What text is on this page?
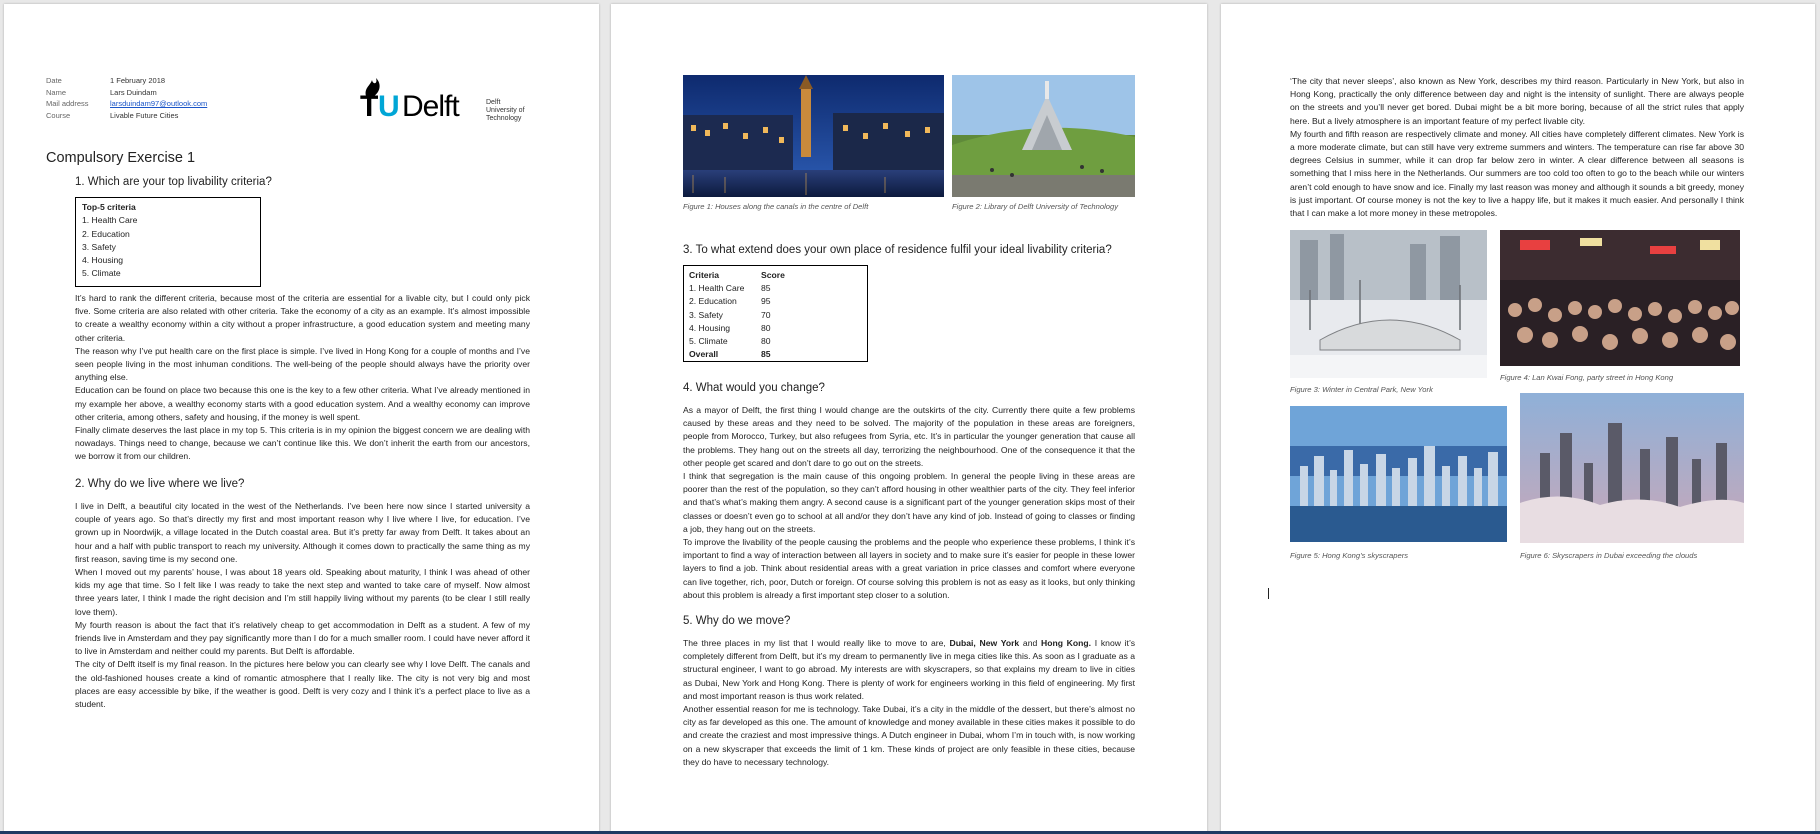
Date	1 February 2018
Name	Lars Duindam
Mail address	larsduindam97@outlook.com
Course	Livable Future Cities	T U Delft	Delft
University of
Technology
Compulsory Exercise 1
1. Which are your top livability criteria?
Top-5 criteria
1. Health Care
2. Education
3. Safety
4. Housing
5. Climate

It’s hard to rank the different criteria, because most of the criteria are essential for a livable city, but I could only pick five. Some criteria are also related with other criteria. Take the economy of a city as an example. It’s almost impossible to create a wealthy economy within a city without a proper infrastructure, a good education system and meeting many other criteria.

The reason why I’ve put health care on the first place is simple. I’ve lived in Hong Kong for a couple of months and I’ve seen people living in the most inhuman conditions. The well-being of the people should always have the priority over anything else.

Education can be found on place two because this one is the key to a few other criteria. What I’ve already mentioned in my example her above, a wealthy economy starts with a good education system. And a wealthy economy can improve other criteria, among others, safety and housing, if the money is well spent.

Finally climate deserves the last place in my top 5. This criteria is in my opinion the biggest concern we are dealing with nowadays. Things need to change, because we can’t continue like this. We don’t inherit the earth from our ancestors, we borrow it from our children.

2. Why do we live where we live?

I live in Delft, a beautiful city located in the west of the Netherlands. I’ve been here now since I started university a couple of years ago. So that’s directly my first and most important reason why I live where I live, for education. I’ve grown up in Noordwijk, a village located in the Dutch coastal area. But it’s pretty far away from Delft. It takes about an hour and a half with public transport to reach my university. Although it comes down to practically the same thing as my first reason, saving time is my second one.

When I moved out my parents’ house, I was about 18 years old. Speaking about maturity, I think I was ahead of other kids my age that time. So I felt like I was ready to take the next step and wanted to take care of myself. Now almost three years later, I think I made the right decision and I’m still happily living without my parents (to be clear I still really love them).

My fourth reason is about the fact that it’s relatively cheap to get accommodation in Delft as a student. A few of my friends live in Amsterdam and they pay significantly more than I do for a much smaller room. I could have never afford it to live in Amsterdam and neither could my parents. But Delft is affordable.

The city of Delft itself is my final reason. In the pictures here below you can clearly see why I love Delft. The canals and the old-fashioned houses create a kind of romantic atmosphere that I really like. The city is not very big and most places are easy accessible by bike, if the weather is good. Delft is very cozy and I think it’s a perfect place to live as a student.

Figure 1: Houses along the canals in the centre of Delft	Figure 2: Library of Delft University of Technology
3. To what extend does your own place of residence fulfil your ideal livability criteria?
Criteria	Score
1. Health Care	85
2. Education	95
3. Safety	70
4. Housing	80
5. Climate	80
Overall	85
4. What would you change?

As a mayor of Delft, the first thing I would change are the outskirts of the city. Currently there quite a few problems caused by these areas and they need to be solved. The majority of the population in these areas are foreigners, people from Morocco, Turkey, but also refugees from Syria, etc. It’s in particular the younger generation that cause all the problems. They hang out on the streets all day, terrorizing the neighbourhood. One of the consequence it that the other people get scared and don’t dare to go out on the streets.

I think that segregation is the main cause of this ongoing problem. In general the people living in these areas are poorer than the rest of the population, so they can’t afford housing in other wealthier parts of the city. They feel inferior and that’s what’s making them angry. A second cause is a significant part of the younger generation skips most of their classes or doesn’t even go to school at all and/or they don’t have any kind of job. Instead of going to classes or finding a job, they hang out on the streets.

To improve the livability of the people causing the problems and the people who experience these problems, I think it’s important to find a way of interaction between all layers in society and to make sure it’s easier for people in these lower layers to find a job. Think about residential areas with a great variation in price classes and comfort where everyone can live together, rich, poor, Dutch or foreign. Of course solving this problem is not as easy as it looks, but only thinking about this problem is already a first important step closer to a solution.

5. Why do we move?

The three places in my list that I would really like to move to are, Dubai, New York and Hong Kong. I know it’s completely different from Delft, but it’s my dream to permanently live in mega cities like this. As soon as I graduate as a structural engineer, I want to go abroad. My interests are with skyscrapers, so that explains my dream to live in cities as Dubai, New York and Hong Kong. There is plenty of work for engineers working in this field of engineering. My first and most important reason is thus work related.

Another essential reason for me is technology. Take Dubai, it’s a city in the middle of the dessert, but there’s almost no city as far developed as this one. The amount of knowledge and money available in these cities makes it possible to do and create the craziest and most impressive things. A Dutch engineer in Dubai, whom I’m in touch with, is now working on a new skyscraper that exceeds the limit of 1 km. These kinds of project are only feasible in these cities, because they do have to necessary technology.

‘The city that never sleeps’, also known as New York, describes my third reason. Particularly in New York, but also in Hong Kong, practically the only difference between day and night is the intensity of sunlight. There are always people on the streets and you’ll never get bored. Dubai might be a bit more boring, because of all the strict rules that apply here. But a lively atmosphere is an important feature of my perfect livable city.

My fourth and fifth reason are respectively climate and money. All cities have completely different climates. New York is a more moderate climate, but can still have very extreme summers and winters. The temperature can rise far above 30 degrees Celsius in summer, while it can drop far below zero in winter. A clear difference between all seasons is something that I miss here in the Netherlands. Our summers are too cold too often to go to the beach while our winters aren’t cold enough to have snow and ice. Finally my last reason was money and although it sounds a bit greedy, money is just important. Of course money is not the key to live a happy life, but it makes it much easier. And personally I think that I can make a lot more money in these metropoles.

Figure 3: Winter in Central Park, New York
Figure 4: Lan Kwai Fong, party street in Hong Kong
Figure 5: Hong Kong’s skyscrapers	Figure 6: Skyscrapers in Dubai exceeding the clouds
